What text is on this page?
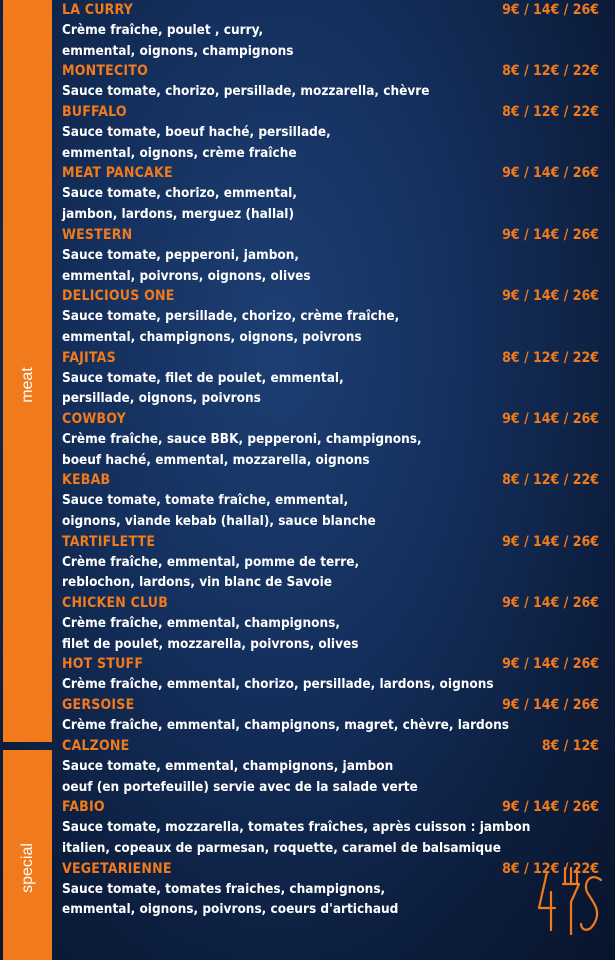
meat
special
LA CURRY	9€ / 14€ / 26€
Crème fraîche, poulet , curry,
emmental, oignons, champignons
MONTECITO	8€ / 12€ / 22€
Sauce tomate, chorizo, persillade, mozzarella, chèvre
BUFFALO	8€ / 12€ / 22€
Sauce tomate, boeuf haché, persillade,
emmental, oignons, crème fraîche
MEAT PANCAKE	9€ / 14€ / 26€
Sauce tomate, chorizo, emmental,
jambon, lardons, merguez (hallal)
WESTERN	9€ / 14€ / 26€
Sauce tomate, pepperoni, jambon,
emmental, poivrons, oignons, olives
DELICIOUS ONE	9€ / 14€ / 26€
Sauce tomate, persillade, chorizo, crème fraîche,
emmental, champignons, oignons, poivrons
FAJITAS	8€ / 12€ / 22€
Sauce tomate, filet de poulet, emmental,
persillade, oignons, poivrons
COWBOY	9€ / 14€ / 26€
Crème fraîche, sauce BBK, pepperoni, champignons,
boeuf haché, emmental, mozzarella, oignons
KEBAB	8€ / 12€ / 22€
Sauce tomate, tomate fraîche, emmental,
oignons, viande kebab (hallal), sauce blanche
TARTIFLETTE	9€ / 14€ / 26€
Crème fraîche, emmental, pomme de terre,
reblochon, lardons, vin blanc de Savoie
CHICKEN CLUB	9€ / 14€ / 26€
Crème fraîche, emmental, champignons,
filet de poulet, mozzarella, poivrons, olives
HOT STUFF	9€ / 14€ / 26€
Crème fraîche, emmental, chorizo, persillade, lardons, oignons
GERSOISE	9€ / 14€ / 26€
Crème fraîche, emmental, champignons, magret, chèvre, lardons
CALZONE	8€ / 12€
Sauce tomate, emmental, champignons, jambon
oeuf (en portefeuille) servie avec de la salade verte
FABIO	9€ / 14€ / 26€
Sauce tomate, mozzarella, tomates fraîches, après cuisson : jambon
italien, copeaux de parmesan, roquette, caramel de balsamique
VEGETARIENNE	8€ / 12€ / 22€
Sauce tomate, tomates fraiches, champignons,
emmental, oignons, poivrons, coeurs d'artichaud
